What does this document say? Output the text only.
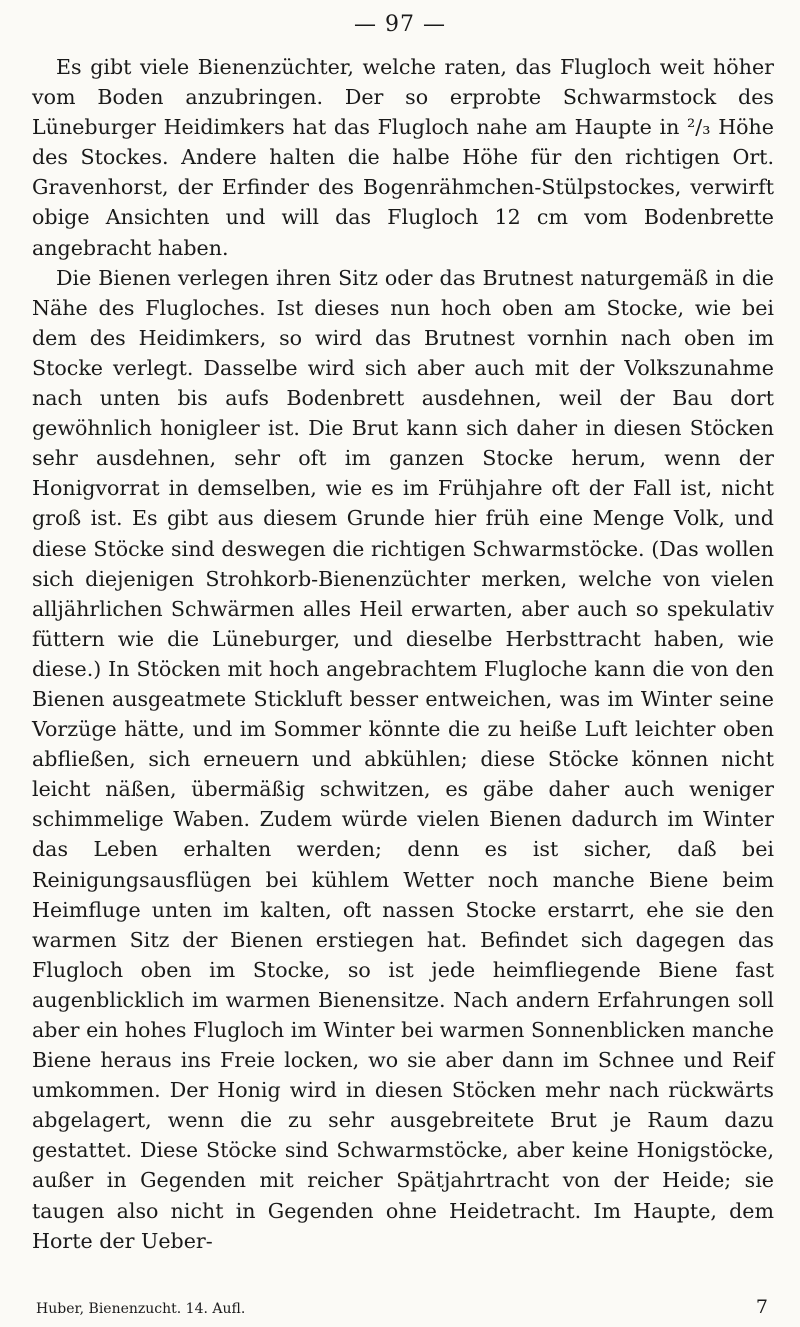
— 97 —

Es gibt viele Bienenzüchter, welche raten, das Flugloch weit höher vom Boden anzubringen. Der so erprobte Schwarmstock des Lüneburger Heidimkers hat das Flugloch nahe am Haupte in ²/₃ Höhe des Stockes. Andere halten die halbe Höhe für den richtigen Ort. Gravenhorst, der Erfinder des Bogenrähmchen-Stülpstockes, verwirft obige Ansichten und will das Flugloch 12 cm vom Bodenbrette angebracht haben.

Die Bienen verlegen ihren Sitz oder das Brutnest naturgemäß in die Nähe des Flugloches. Ist dieses nun hoch oben am Stocke, wie bei dem des Heidimkers, so wird das Brutnest vornhin nach oben im Stocke verlegt. Dasselbe wird sich aber auch mit der Volkszunahme nach unten bis aufs Bodenbrett ausdehnen, weil der Bau dort gewöhnlich honigleer ist. Die Brut kann sich daher in diesen Stöcken sehr ausdehnen, sehr oft im ganzen Stocke herum, wenn der Honigvorrat in demselben, wie es im Frühjahre oft der Fall ist, nicht groß ist. Es gibt aus diesem Grunde hier früh eine Menge Volk, und diese Stöcke sind deswegen die richtigen Schwarmstöcke. (Das wollen sich diejenigen Strohkorb-Bienenzüchter merken, welche von vielen alljährlichen Schwärmen alles Heil erwarten, aber auch so spekulativ füttern wie die Lüneburger, und dieselbe Herbsttracht haben, wie diese.) In Stöcken mit hoch angebrachtem Flugloche kann die von den Bienen ausgeatmete Stickluft besser entweichen, was im Winter seine Vorzüge hätte, und im Sommer könnte die zu heiße Luft leichter oben abfließen, sich erneuern und abkühlen; diese Stöcke können nicht leicht näßen, übermäßig schwitzen, es gäbe daher auch weniger schimmelige Waben. Zudem würde vielen Bienen dadurch im Winter das Leben erhalten werden; denn es ist sicher, daß bei Reinigungsausflügen bei kühlem Wetter noch manche Biene beim Heimfluge unten im kalten, oft nassen Stocke erstarrt, ehe sie den warmen Sitz der Bienen erstiegen hat. Befindet sich dagegen das Flugloch oben im Stocke, so ist jede heimfliegende Biene fast augenblicklich im warmen Bienensitze. Nach andern Erfahrungen soll aber ein hohes Flugloch im Winter bei warmen Sonnenblicken manche Biene heraus ins Freie locken, wo sie aber dann im Schnee und Reif umkommen. Der Honig wird in diesen Stöcken mehr nach rückwärts abgelagert, wenn die zu sehr ausgebreitete Brut je Raum dazu gestattet. Diese Stöcke sind Schwarmstöcke, aber keine Honigstöcke, außer in Gegenden mit reicher Spätjahrtracht von der Heide; sie taugen also nicht in Gegenden ohne Heidetracht. Im Haupte, dem Horte der Ueber-

Huber, Bienenzucht. 14. Aufl.	7
